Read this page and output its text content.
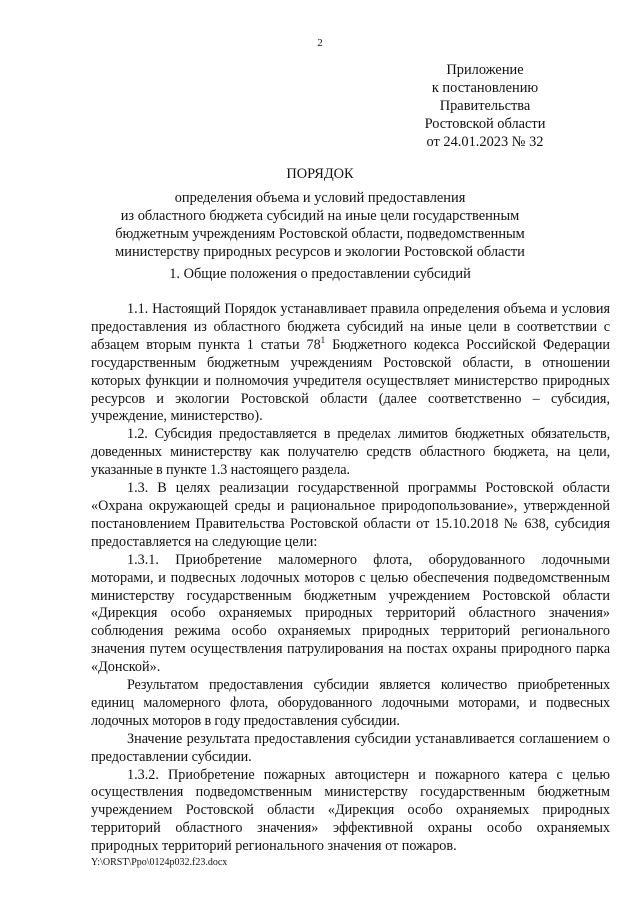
2
Приложение
к постановлению
Правительства
Ростовской области
от 24.01.2023 № 32
ПОРЯДОК
определения объема и условий предоставления
из областного бюджета субсидий на иные цели государственным
бюджетным учреждениям Ростовской области, подведомственным
министерству природных ресурсов и экологии Ростовской области
1. Общие положения о предоставлении субсидий

1.1. Настоящий Порядок устанавливает правила определения объема и условия предоставления из областного бюджета субсидий на иные цели в соответствии с абзацем вторым пункта 1 статьи $78^1$ Бюджетного кодекса Российской Федерации государственным бюджетным учреждениям Ростовской области, в отношении которых функции и полномочия учредителя осуществляет министерство природных ресурсов и экологии Ростовской области (далее соответственно – субсидия, учреждение, министерство).

1.2. Субсидия предоставляется в пределах лимитов бюджетных обязательств, доведенных министерству как получателю средств областного бюджета, на цели, указанные в пункте 1.3 настоящего раздела.

1.3. В целях реализации государственной программы Ростовской области «Охрана окружающей среды и рациональное природопользование», утвержденной постановлением Правительства Ростовской области от 15.10.2018 № 638, субсидия предоставляется на следующие цели:

1.3.1. Приобретение маломерного флота, оборудованного лодочными моторами, и подвесных лодочных моторов с целью обеспечения подведомственным министерству государственным бюджетным учреждением Ростовской области «Дирекция особо охраняемых природных территорий областного значения» соблюдения режима особо охраняемых природных территорий регионального значения путем осуществления патрулирования на постах охраны природного парка «Донской».

Результатом предоставления субсидии является количество приобретенных единиц маломерного флота, оборудованного лодочными моторами, и подвесных лодочных моторов в году предоставления субсидии.

Значение результата предоставления субсидии устанавливается соглашением о предоставлении субсидии.

1.3.2. Приобретение пожарных автоцистерн и пожарного катера с целью осуществления подведомственным министерству государственным бюджетным учреждением Ростовской области «Дирекция особо охраняемых природных территорий областного значения» эффективной охраны особо охраняемых природных территорий регионального значения от пожаров.

Y:\ORST\Ppo\0124p032.f23.docx
